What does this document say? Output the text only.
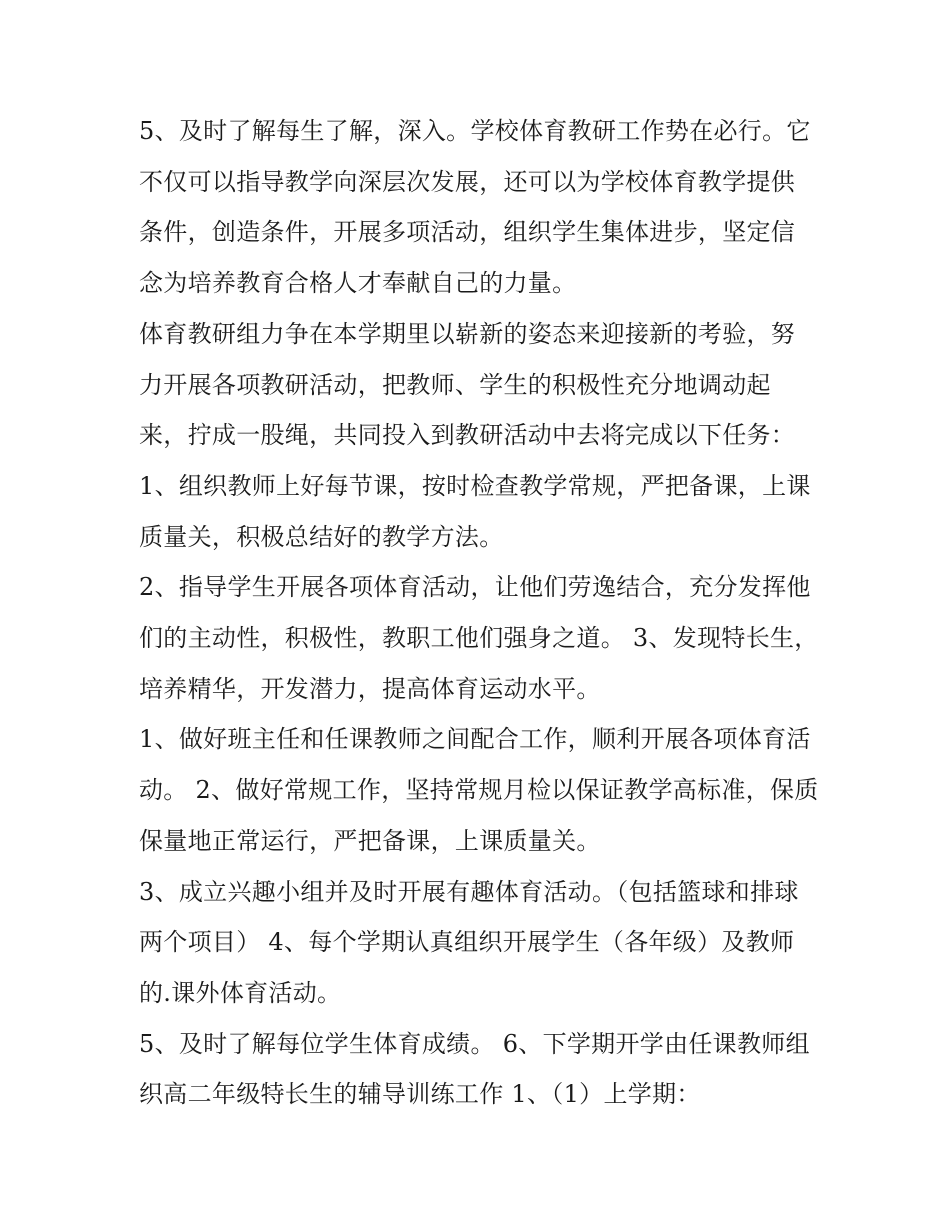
5、及时了解每生了解，深入。学校体育教研工作势在必行。它不仅可以指导教学向深层次发展，还可以为学校体育教学提供条件，创造条件，开展多项活动，组织学生集体进步，坚定信念为培养教育合格人才奉献自己的力量。

体育教研组力争在本学期里以崭新的姿态来迎接新的考验，努力开展各项教研活动，把教师、学生的积极性充分地调动起来，拧成一股绳，共同投入到教研活动中去将完成以下任务：

1、组织教师上好每节课，按时检查教学常规，严把备课，上课质量关，积极总结好的教学方法。

2、指导学生开展各项体育活动，让他们劳逸结合，充分发挥他们的主动性，积极性，教职工他们强身之道。 3、发现特长生，培养精华，开发潜力，提高体育运动水平。

1、做好班主任和任课教师之间配合工作，顺利开展各项体育活动。 2、做好常规工作，坚持常规月检以保证教学高标准，保质保量地正常运行，严把备课，上课质量关。

3、成立兴趣小组并及时开展有趣体育活动。（包括篮球和排球两个项目） 4、每个学期认真组织开展学生（各年级）及教师的.课外体育活动。

5、及时了解每位学生体育成绩。 6、下学期开学由任课教师组织高二年级特长生的辅导训练工作 1、（1）上学期：
